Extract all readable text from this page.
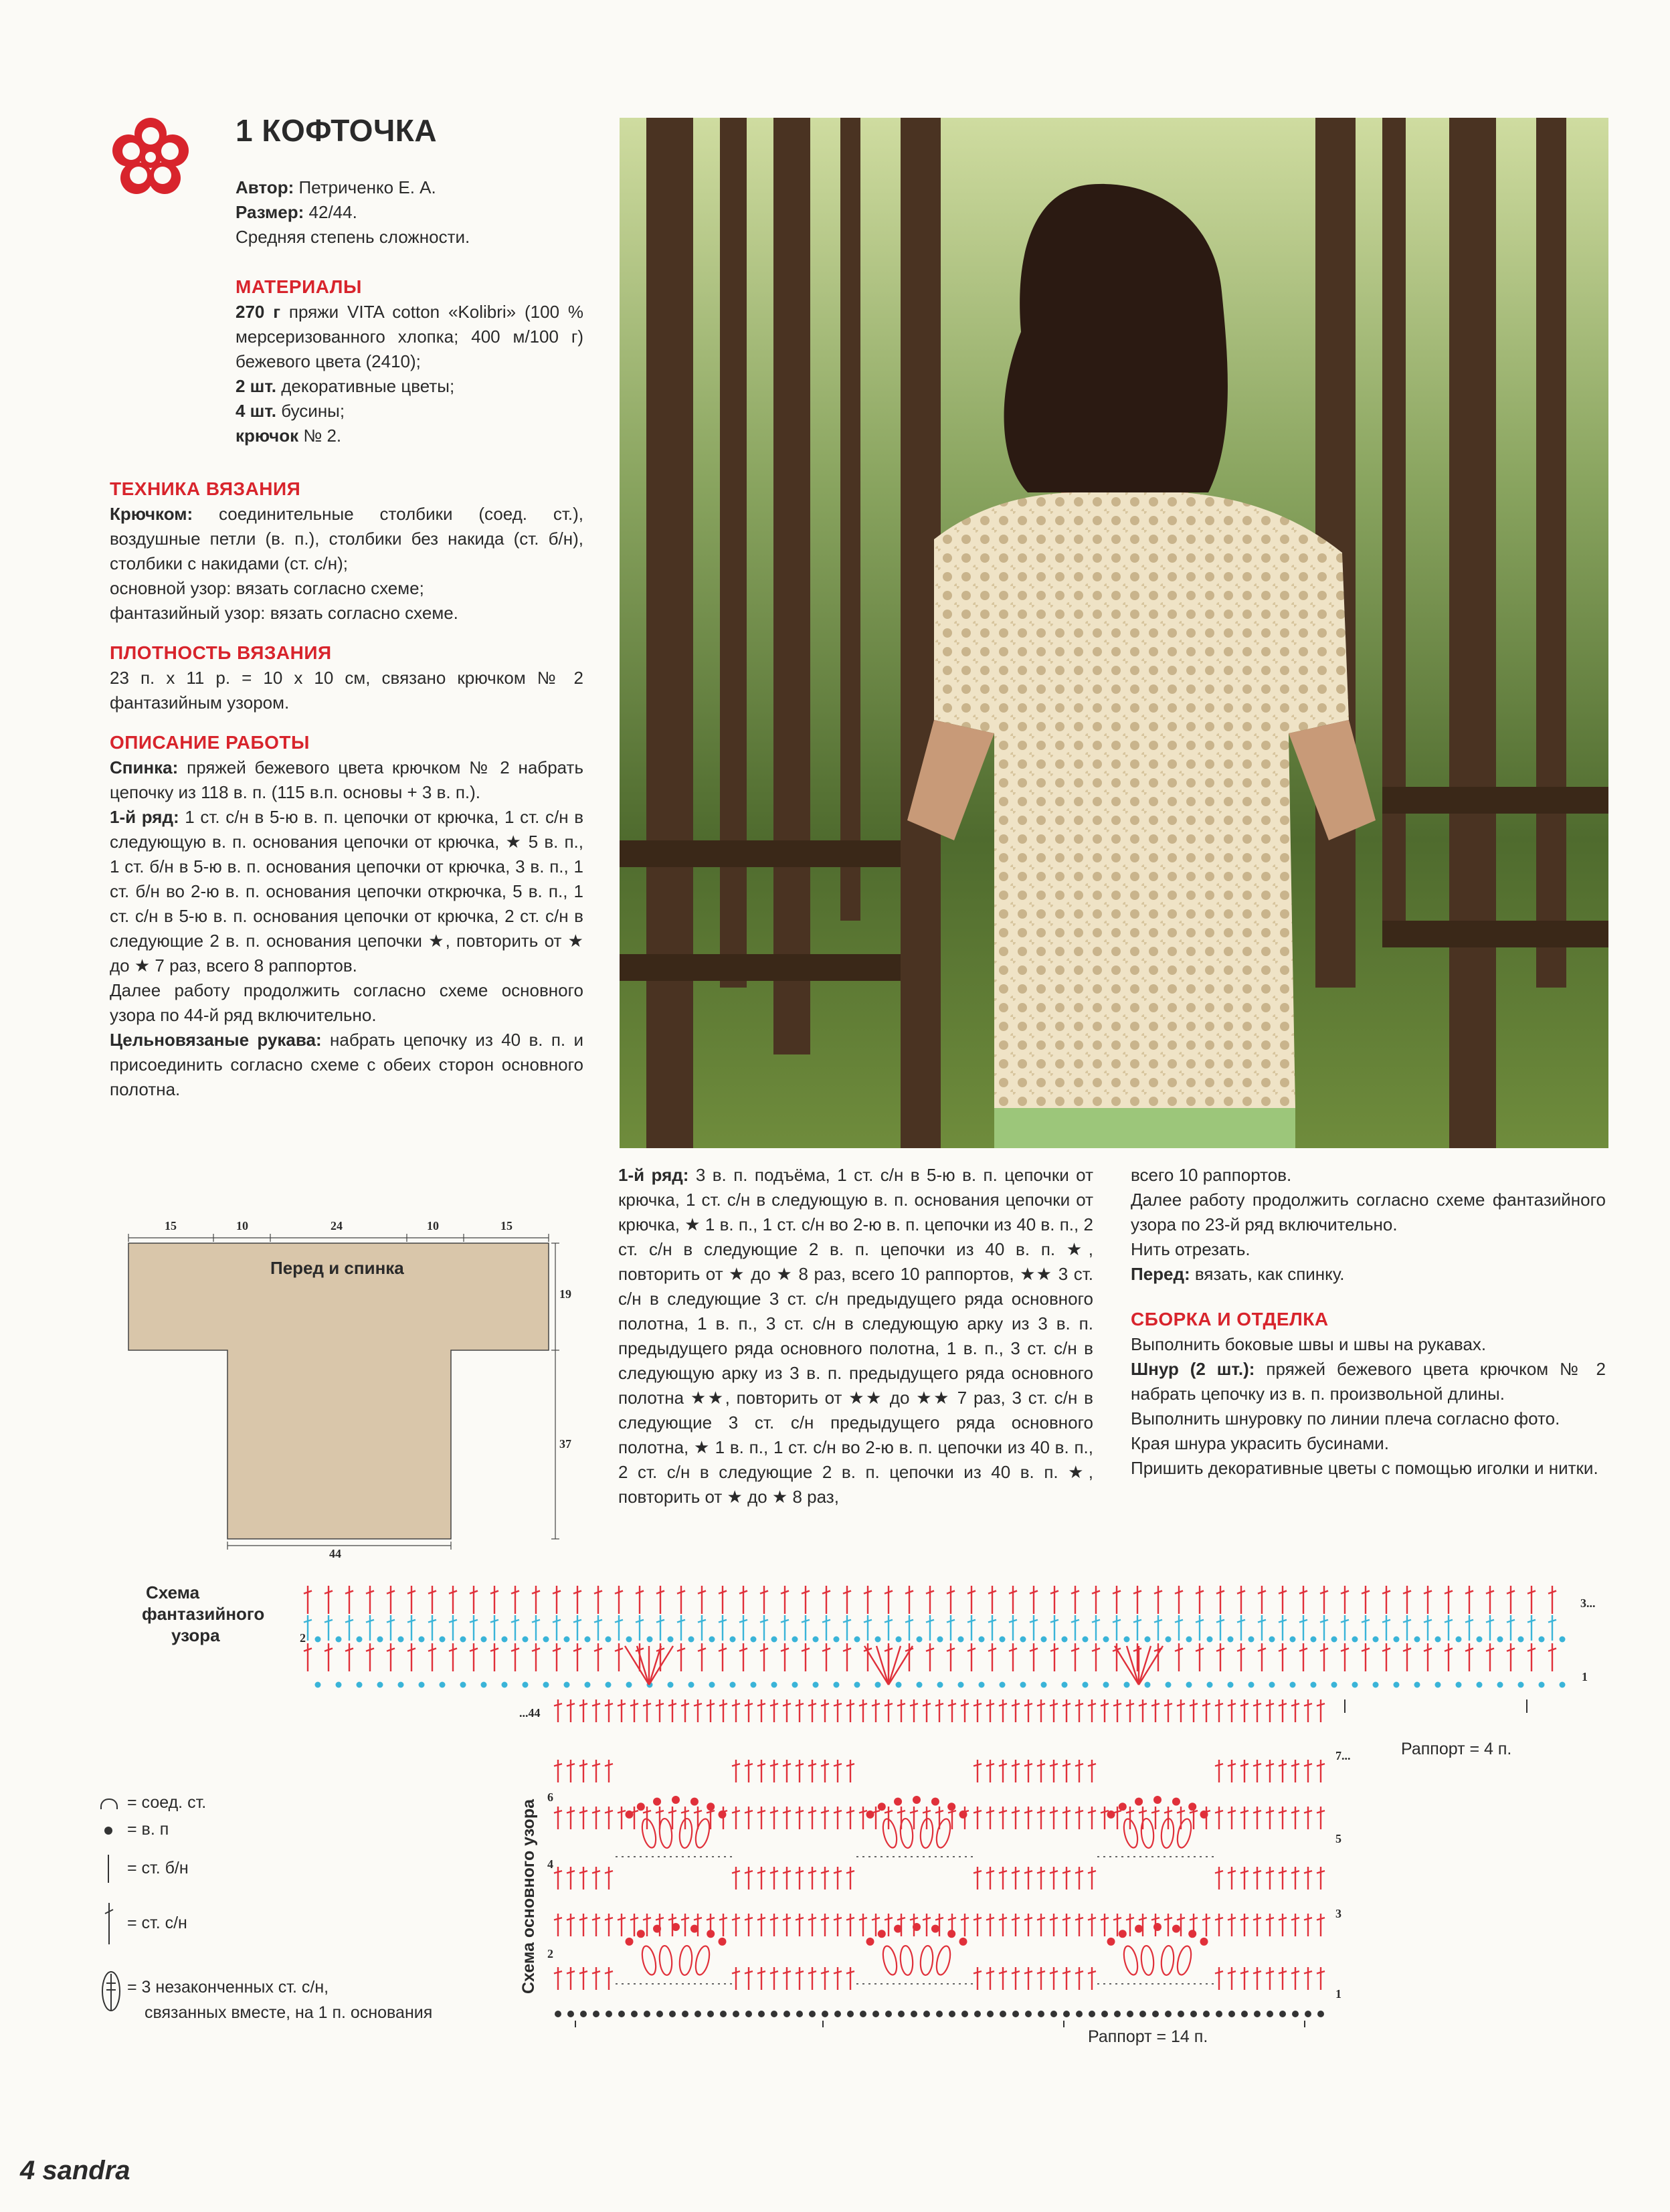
1 КОФТОЧКА

Автор: Петриченко Е. А.

Размер: 42/44.

Средняя степень сложности.

МАТЕРИАЛЫ

270 г пряжи VITA cotton «Kolibri» (100 % мерсеризованного хлопка; 400 м/100 г) бежевого цвета (2410);

2 шт. декоративные цветы;

4 шт. бусины;

крючок № 2.

ТЕХНИКА ВЯЗАНИЯ

Крючком: соединительные столбики (соед. ст.), воздушные петли (в. п.), столбики без накида (ст. б/н), столбики с накидами (ст. с/н);

основной узор: вязать согласно схеме;

фантазийный узор: вязать согласно схеме.

ПЛОТНОСТЬ ВЯЗАНИЯ

23 п. х 11 р. = 10 х 10 см, связано крючком № 2 фантазийным узором.

ОПИСАНИЕ РАБОТЫ

Спинка: пряжей бежевого цвета крючком № 2 набрать цепочку из 118 в. п. (115 в.п. основы + 3 в. п.).

1-й ряд: 1 ст. с/н в 5-ю в. п. цепочки от крючка, 1 ст. с/н в следующую в. п. основания цепочки от крючка, ★ 5 в. п., 1 ст. б/н в 5-ю в. п. основания цепочки от крючка, 3 в. п., 1 ст. б/н во 2-ю в. п. основания цепочки открючка, 5 в. п., 1 ст. с/н в 5-ю в. п. основания цепочки от крючка, 2 ст. с/н в следующие 2 в. п. основания цепочки ★, повторить от ★ до ★ 7 раз, всего 8 раппортов.

Далее работу продолжить согласно схеме основного узора по 44-й ряд включительно.

Цельновязаные рукава: набрать цепочку из 40 в. п. и присоединить согласно схеме с обеих сторон основного полотна.

1-й ряд: 3 в. п. подъёма, 1 ст. с/н в 5-ю в. п. цепочки от крючка, 1 ст. с/н в следующую в. п. основания цепочки от крючка, ★ 1 в. п., 1 ст. с/н во 2-ю в. п. цепочки из 40 в. п., 2 ст. с/н в следующие 2 в. п. цепочки из 40 в. п. ★, повторить от ★ до ★ 8 раз, всего 10 раппортов, ★★ 3 ст. с/н в следующие 3 ст. с/н предыдущего ряда основного полотна, 1 в. п., 3 ст. с/н в следующую арку из 3 в. п. предыдущего ряда основного полотна, 1 в. п., 3 ст. с/н в следующую арку из 3 в. п. предыдущего ряда основного полотна ★★, повторить от ★★ до ★★ 7 раз, 3 ст. с/н в следующие 3 ст. с/н предыдущего ряда основного полотна, ★ 1 в. п., 1 ст. с/н во 2-ю в. п. цепочки из 40 в. п., 2 ст. с/н в следующие 2 в. п. цепочки из 40 в. п. ★, повторить от ★ до ★ 8 раз,

всего 10 раппортов.

Далее работу продолжить согласно схеме фантазийного узора по 23-й ряд включительно.

Нить отрезать.

Перед: вязать, как спинку.

СБОРКА И ОТДЕЛКА

Выполнить боковые швы и швы на рукавах.

Шнур (2 шт.): пряжей бежевого цвета крючком № 2 набрать цепочку из в. п. произвольной длины.

Выполнить шнуровку по линии плеча согласно фото.

Края шнура украсить бусинами.

Пришить декоративные цветы с помощью иголки и нитки.

15	10	24	10	15
19
37
44
Перед и спинка
Схема
фантазийного
узора	2
3...
1
Раппорт = 4 п.
Схема основного узора
...44
6
4
2
7...
5
3
1
Раппорт = 14 п.
= соед. ст.
= в. п
= ст. б/н
= ст. с/н
= 3 незаконченных ст. с/н,
связанных вместе, на 1 п. основания
4 sandra
